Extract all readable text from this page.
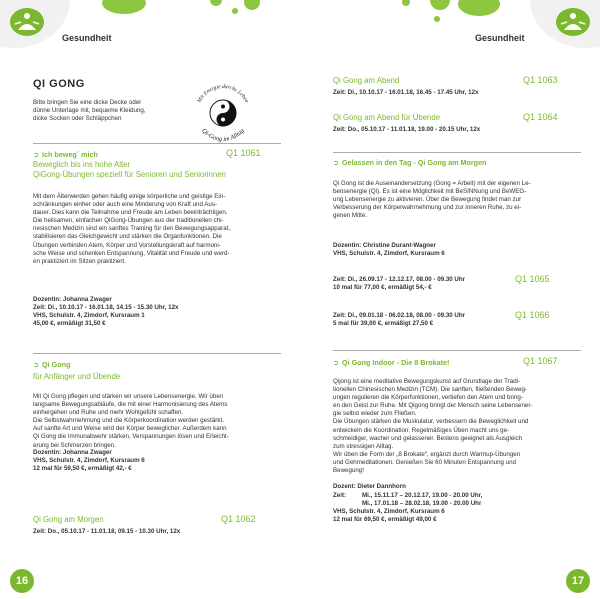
Gesundheit
QI GONG

Bitte bringen Sie eine dicke Decke oder
dünne Unterlage mit, bequeme Kleidung,
dicke Socken oder Schläppchen

Mit Energie durchs Leben
Qi-Gong im Alltag
➲ Ich beweg´ mich	Q1 1061
Beweglich bis ins hohe Alter
QiGong-Übungen speziell für Senioren und Seniorinnen

Mit dem Älterwerden gehen häufig einige körperliche und geistige Ein-
schränkungen einher oder auch eine Minderung von Kraft und Aus-
dauer. Dies kann die Teilnahme und Freude am Leben beeinträchtigen.
Die heilsamen, einfachen QiGong-Übungen aus der traditionellen chi-
nesischen Medizin sind ein sanftes Training für den Bewegungsapparat,
stabilisieren das Gleichgewicht und stärken die Organfunktionen. Die
Übungen verbinden Atem, Körper und Vorstellungskraft auf harmoni-
sche Weise und schenken Entspannung, Vitalität und Freude und werd-
en praktiziert im Sitzen praktiziert.

Dozentin: Johanna Zwager
Zeit: Di., 10.10.17 - 16.01.18, 14.15 - 15.30 Uhr, 12x
VHS, Schulstr. 4, Zimdorf, Kursraum 1
45,00 €, ermäßigt 31,50 €

➲ Qi Gong
für Anfänger und Übende

Mit Qi Gong pflegen und stärken wir unsere Lebensenergie. Wir üben
langsame Bewegungsabläufe, die mit einer Harmonisierung des Atems
einhergehen und Ruhe und mehr Wohlgefühl schaffen.
Die Selbstwahrnehmung und die Körperkoordination werden gestärkt.
Auf sanfte Art und Weise wird der Körper beweglicher. Außerdem kann
Qi Gong die Immunabwehr stärken, Verspannungen lösen und Erleicht-
erung bei Schmerzen bringen.

Dozentin: Johanna Zwager
VHS, Schulstr. 4, Zimdorf, Kursraum 6
12 mal für 59,50 €, ermäßigt 42,- €

Qi Gong am Morgen	Q1 1062

Zeit: Do., 05.10.17 - 11.01.18, 09.15 - 10.30 Uhr, 12x

16
Gesundheit
Qi Gong am Abend	Q1 1063

Zeit: Di., 10.10.17 - 16.01.18, 16.45 - 17.45 Uhr, 12x

Qi Gong am Abend für Übende	Q1 1064

Zeit: Do., 05.10.17 - 11.01.18, 19.00 - 20.15 Uhr, 12x

➲ Gelassen in den Tag - Qi Gong am Morgen

Qi Gong ist die Auseinandersetzung (Gong = Arbeit) mit der eigenen Le-
bensenergie (Qi). Es ist eine Möglichkeit mit BeSINNung und BeWEG-
ung Lebensenergie zu aktivieren. Über die Bewegung findet man zur
Verbesserung der Körperwahrnehmung und zur inneren Ruhe, zu ei-
genen Mitte.

Dozentin: Christine Durant-Wagner
VHS, Schulstr. 4, Zimdorf, Kursraum 6

Zeit: Di., 26.09.17 - 12.12.17, 08.00 - 09.30 Uhr
10 mal für 77,00 €, ermäßigt 54,- €

Q1 1065

Zeit: Di., 09.01.18 - 06.02.18, 08.00 - 09.30 Uhr
5 mal für 39,00 €, ermäßigt 27,50 €

Q1 1066
➲ Qi Gong Indoor - Die 8 Brokate!	Q1 1067

Qijong ist eine meditative Bewegungskunst auf Grundlage der Tradi-
tionellen Chinesischen Medizin (TCM). Die sanften, fließenden Beweg-
ungen regulieren die Körperfunktionen, vertiefen den Atem und bring-
en den Geist zur Ruhe. Mit Qigong bringt der Mensch seine Lebensener-
gie selbst wieder zum Fließen.
Die Übungen stärken die Muskulatur, verbessern die Beweglichkeit und
entwickeln die Koordination. Regelmäßiges Üben macht uns ge-
schmeidiger, wacher und gelassener. Bestens geeignet als Ausgleich
zum stressigen Alltag.
Wir üben die Form der „8 Brokate“, ergänzt durch Warmup-Übungen
und Gehmeditationen. Genießen Sie 60 Minuten Entspannung und
Bewegung!

Dozent: Dieter Dannhorn

Zeit:	Mi., 15.11.17 – 20.12.17, 19.00 - 20.00 Uhr,
Mi., 17.01.18 – 28.02.18, 19.00 - 20.00 Uhr

VHS, Schulstr. 4, Zimdorf, Kursraum 6
12 mal für 69,50 €, ermäßigt 49,00 €

17
